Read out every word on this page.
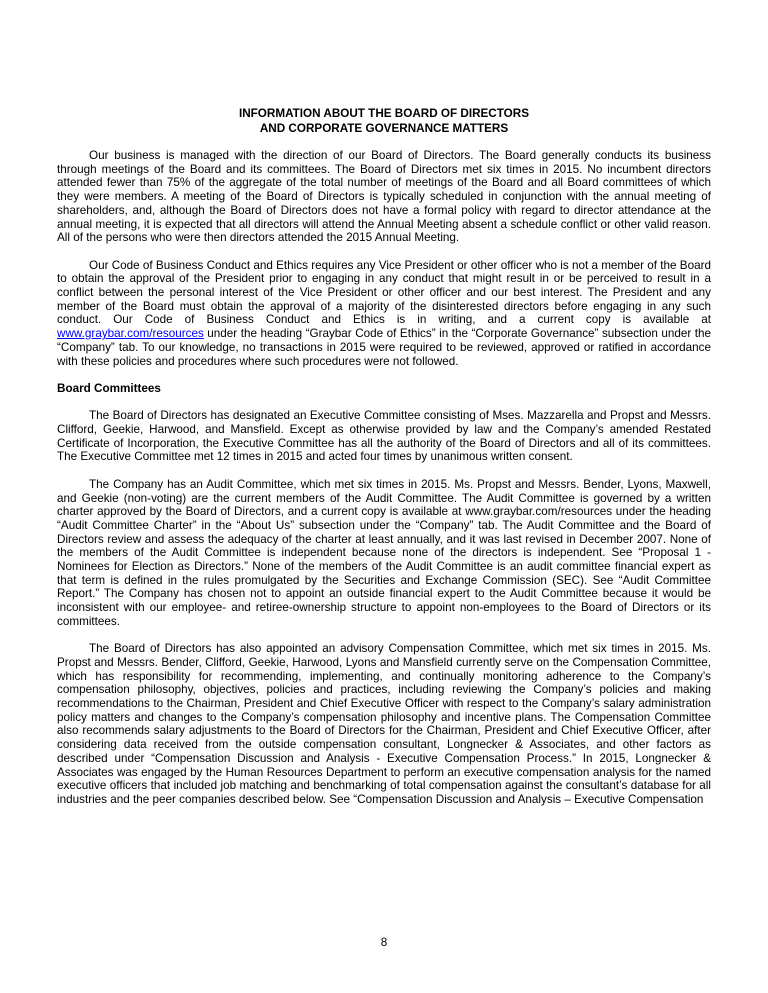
INFORMATION ABOUT THE BOARD OF DIRECTORS
AND CORPORATE GOVERNANCE MATTERS

Our business is managed with the direction of our Board of Directors. The Board generally conducts its business through meetings of the Board and its committees. The Board of Directors met six times in 2015. No incumbent directors attended fewer than 75% of the aggregate of the total number of meetings of the Board and all Board committees of which they were members. A meeting of the Board of Directors is typically scheduled in conjunction with the annual meeting of shareholders, and, although the Board of Directors does not have a formal policy with regard to director attendance at the annual meeting, it is expected that all directors will attend the Annual Meeting absent a schedule conflict or other valid reason. All of the persons who were then directors attended the 2015 Annual Meeting.

Our Code of Business Conduct and Ethics requires any Vice President or other officer who is not a member of the Board to obtain the approval of the President prior to engaging in any conduct that might result in or be perceived to result in a conflict between the personal interest of the Vice President or other officer and our best interest. The President and any member of the Board must obtain the approval of a majority of the disinterested directors before engaging in any such conduct. Our Code of Business Conduct and Ethics is in writing, and a current copy is available at www.graybar.com/resources under the heading “Graybar Code of Ethics” in the “Corporate Governance” subsection under the “Company” tab. To our knowledge, no transactions in 2015 were required to be reviewed, approved or ratified in accordance with these policies and procedures where such procedures were not followed.

Board Committees

The Board of Directors has designated an Executive Committee consisting of Mses. Mazzarella and Propst and Messrs. Clifford, Geekie, Harwood, and Mansfield. Except as otherwise provided by law and the Company’s amended Restated Certificate of Incorporation, the Executive Committee has all the authority of the Board of Directors and all of its committees. The Executive Committee met 12 times in 2015 and acted four times by unanimous written consent.

The Company has an Audit Committee, which met six times in 2015. Ms. Propst and Messrs. Bender, Lyons, Maxwell, and Geekie (non-voting) are the current members of the Audit Committee. The Audit Committee is governed by a written charter approved by the Board of Directors, and a current copy is available at www.graybar.com/resources under the heading “Audit Committee Charter” in the “About Us” subsection under the “Company” tab. The Audit Committee and the Board of Directors review and assess the adequacy of the charter at least annually, and it was last revised in December 2007. None of the members of the Audit Committee is independent because none of the directors is independent. See “Proposal 1 - Nominees for Election as Directors.” None of the members of the Audit Committee is an audit committee financial expert as that term is defined in the rules promulgated by the Securities and Exchange Commission (SEC). See “Audit Committee Report.” The Company has chosen not to appoint an outside financial expert to the Audit Committee because it would be inconsistent with our employee- and retiree-ownership structure to appoint non-employees to the Board of Directors or its committees.

The Board of Directors has also appointed an advisory Compensation Committee, which met six times in 2015. Ms. Propst and Messrs. Bender, Clifford, Geekie, Harwood, Lyons and Mansfield currently serve on the Compensation Committee, which has responsibility for recommending, implementing, and continually monitoring adherence to the Company’s compensation philosophy, objectives, policies and practices, including reviewing the Company’s policies and making recommendations to the Chairman, President and Chief Executive Officer with respect to the Company’s salary administration policy matters and changes to the Company’s compensation philosophy and incentive plans. The Compensation Committee also recommends salary adjustments to the Board of Directors for the Chairman, President and Chief Executive Officer, after considering data received from the outside compensation consultant, Longnecker & Associates, and other factors as described under “Compensation Discussion and Analysis - Executive Compensation Process.” In 2015, Longnecker & Associates was engaged by the Human Resources Department to perform an executive compensation analysis for the named executive officers that included job matching and benchmarking of total compensation against the consultant’s database for all industries and the peer companies described below. See “Compensation Discussion and Analysis – Executive Compensation

8
